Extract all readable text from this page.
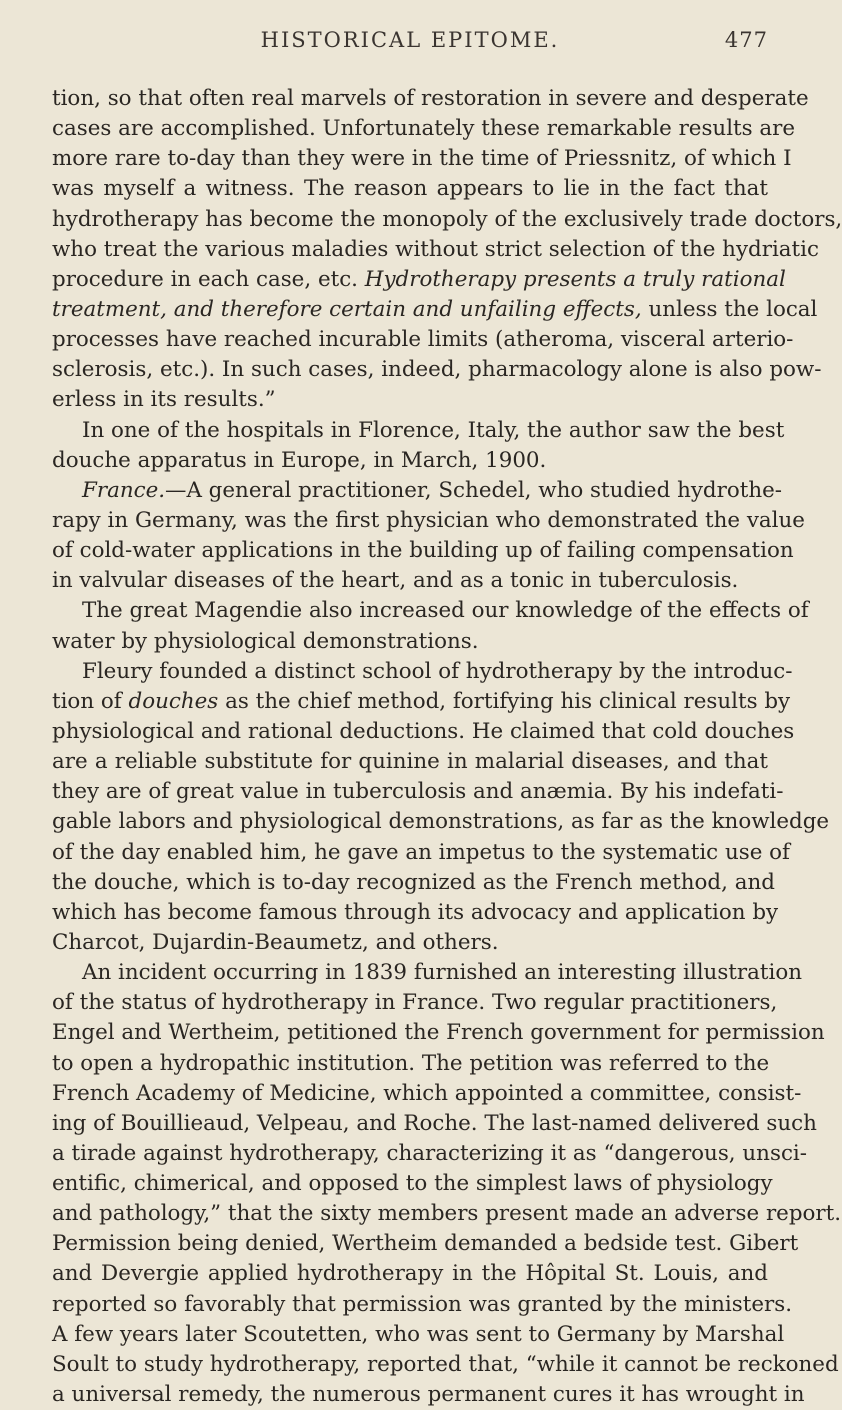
HISTORICAL EPITOME.	477
tion, so that often real marvels of restoration in severe and desperate
cases are accomplished. Unfortunately these remarkable results are
more rare to-day than they were in the time of Priessnitz, of which I
was myself a witness. The reason appears to lie in the fact that
hydrotherapy has become the monopoly of the exclusively trade doctors,
who treat the various maladies without strict selection of the hydriatic
procedure in each case, etc. Hydrotherapy presents a truly rational
treatment, and therefore certain and unfailing effects, unless the local
processes have reached incurable limits (atheroma, visceral arterio-
sclerosis, etc.). In such cases, indeed, pharmacology alone is also pow-
erless in its results.”
In one of the hospitals in Florence, Italy, the author saw the best
douche apparatus in Europe, in March, 1900.
France.—A general practitioner, Schedel, who studied hydrothe-
rapy in Germany, was the first physician who demonstrated the value
of cold-water applications in the building up of failing compensation
in valvular diseases of the heart, and as a tonic in tuberculosis.
The great Magendie also increased our knowledge of the effects of
water by physiological demonstrations.
Fleury founded a distinct school of hydrotherapy by the introduc-
tion of douches as the chief method, fortifying his clinical results by
physiological and rational deductions. He claimed that cold douches
are a reliable substitute for quinine in malarial diseases, and that
they are of great value in tuberculosis and anæmia. By his indefati-
gable labors and physiological demonstrations, as far as the knowledge
of the day enabled him, he gave an impetus to the systematic use of
the douche, which is to-day recognized as the French method, and
which has become famous through its advocacy and application by
Charcot, Dujardin-Beaumetz, and others.
An incident occurring in 1839 furnished an interesting illustration
of the status of hydrotherapy in France. Two regular practitioners,
Engel and Wertheim, petitioned the French government for permission
to open a hydropathic institution. The petition was referred to the
French Academy of Medicine, which appointed a committee, consist-
ing of Bouillieaud, Velpeau, and Roche. The last-named delivered such
a tirade against hydrotherapy, characterizing it as “dangerous, unsci-
entific, chimerical, and opposed to the simplest laws of physiology
and pathology,” that the sixty members present made an adverse report.
Permission being denied, Wertheim demanded a bedside test. Gibert
and Devergie applied hydrotherapy in the Hôpital St. Louis, and
reported so favorably that permission was granted by the ministers.
A few years later Scoutetten, who was sent to Germany by Marshal
Soult to study hydrotherapy, reported that, “while it cannot be reckoned
a universal remedy, the numerous permanent cures it has wrought in
